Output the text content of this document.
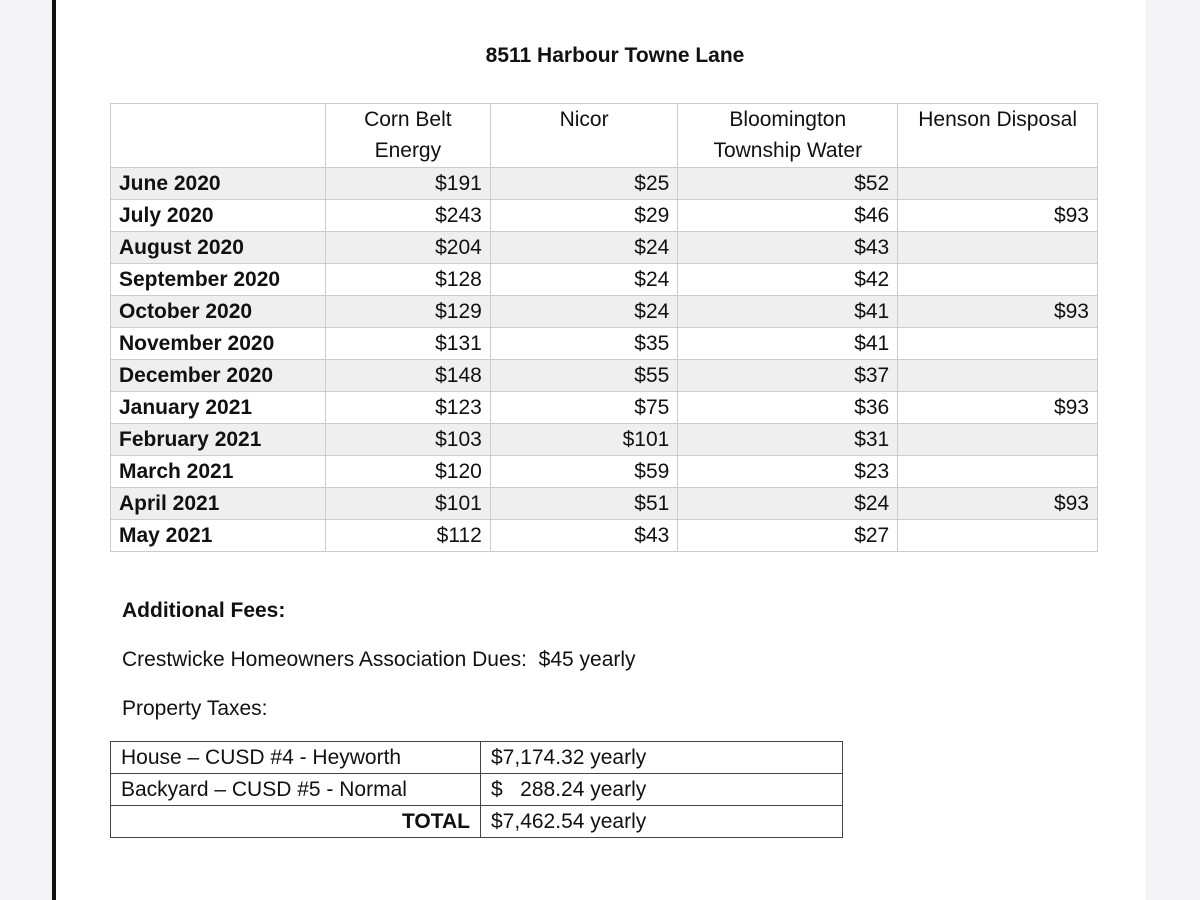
8511 Harbour Towne Lane
	Corn Belt Energy	Nicor	Bloomington Township Water	Henson Disposal
June 2020	$191	$25	$52	
July 2020	$243	$29	$46	$93
August 2020	$204	$24	$43	
September 2020	$128	$24	$42	
October 2020	$129	$24	$41	$93
November 2020	$131	$35	$41	
December 2020	$148	$55	$37	
January 2021	$123	$75	$36	$93
February 2021	$103	$101	$31	
March 2021	$120	$59	$23	
April 2021	$101	$51	$24	$93
May 2021	$112	$43	$27	
Additional Fees:
Crestwicke Homeowners Association Dues:  $45 yearly
Property Taxes:
House – CUSD #4 - Heyworth	$7,174.32 yearly
Backyard – CUSD #5 - Normal	$   288.24 yearly
TOTAL	$7,462.54 yearly
